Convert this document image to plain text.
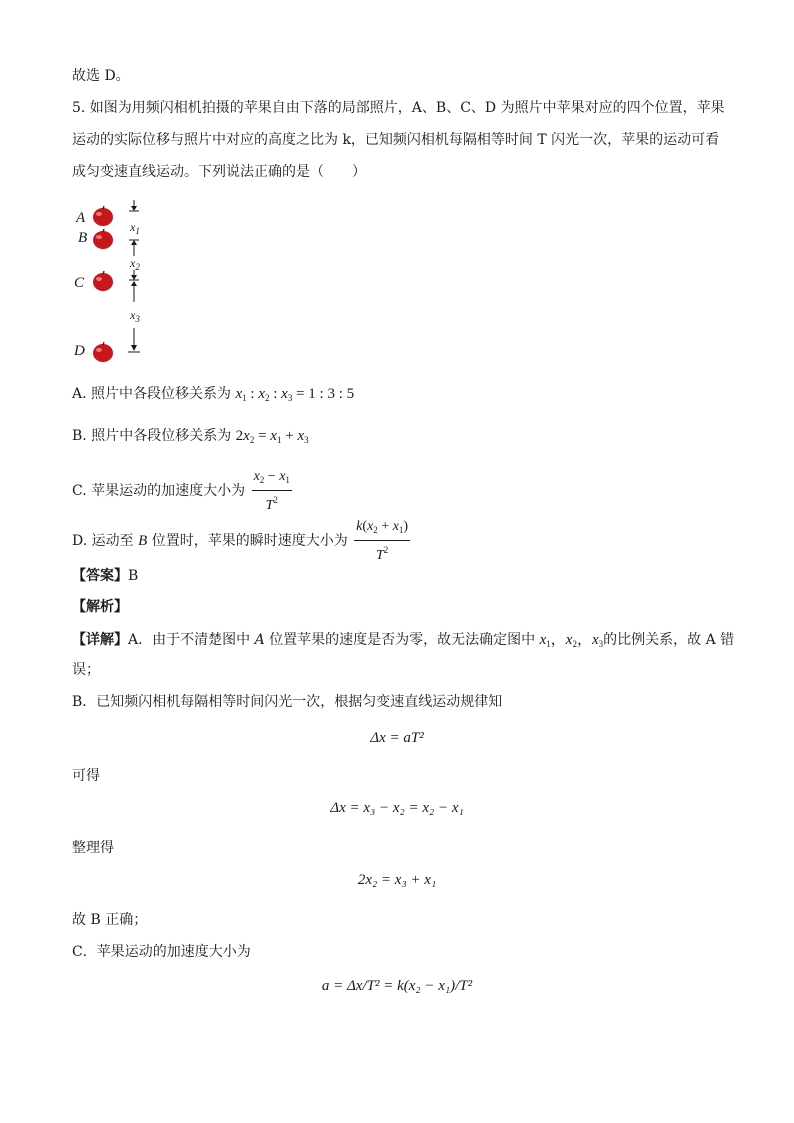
故选 D。
5. 如图为用频闪相机拍摄的苹果自由下落的局部照片，A、B、C、D 为照片中苹果对应的四个位置，苹果
运动的实际位移与照片中对应的高度之比为 k，已知频闪相机每隔相等时间 T 闪光一次，苹果的运动可看
成匀变速直线运动。下列说法正确的是（　　）
A
B
C
D
$x_1$
$x_2$
$x_3$
A. 照片中各段位移关系为 $x_1$ : $x_2$ : $x_3 = 1$ : 3 : 5
B. 照片中各段位移关系为 $2x_2 = x_1 + x_3$
C. 苹果运动的加速度大小为 $\frac{x_2 - x_1}{T^2}$
D. 运动至 B 位置时，苹果的瞬时速度大小为 $\frac{k(x_2 + x_1)}{T^2}$
【答案】B
【解析】
【详解】A．由于不清楚图中 A 位置苹果的速度是否为零，故无法确定图中 $x_1$，$x_2$，$x_3$的比例关系，故 A 错
误；
B．已知频闪相机每隔相等时间闪光一次，根据匀变速直线运动规律知
Δx = aT²
可得
Δx = x₃ − x₂ = x₂ − x₁
整理得
2x₂ = x₃ + x₁
故 B 正确；
C．苹果运动的加速度大小为
a = Δx/T² = k(x₂ − x₁)/T²
